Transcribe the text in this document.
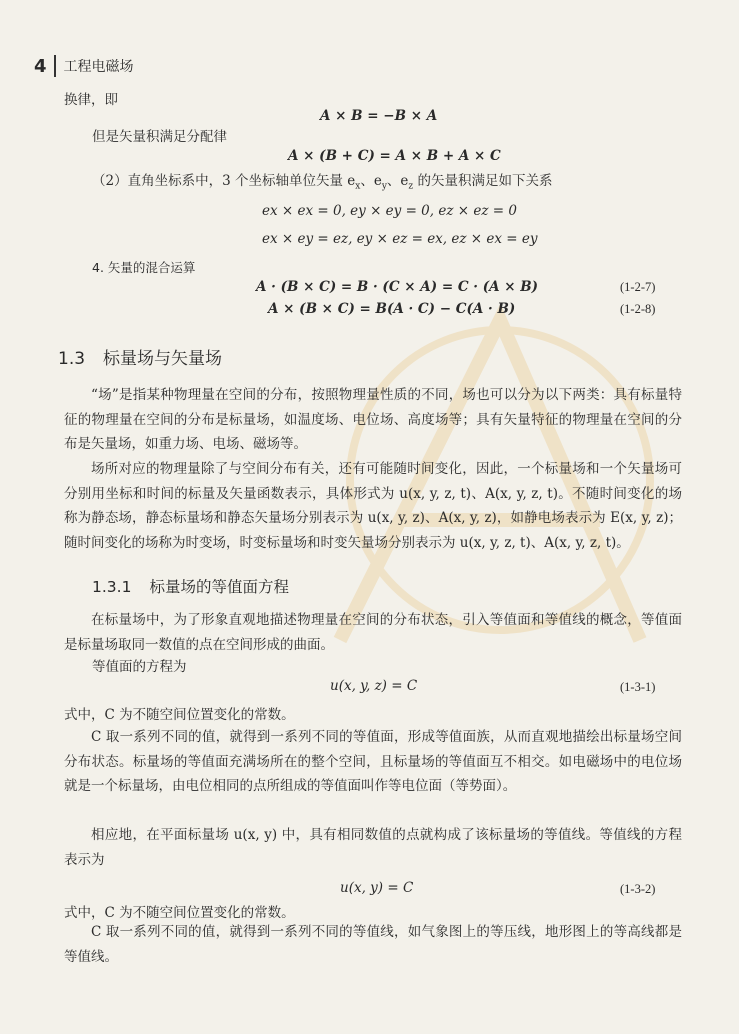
4 工程电磁场
换律，即
A × B = −B × A
但是矢量积满足分配律
A × (B + C) = A × B + A × C
（2）直角坐标系中，3 个坐标轴单位矢量 $e_x$、$e_y$、$e_z$ 的矢量积满足如下关系
ex × ex = 0, ey × ey = 0, ez × ez = 0
ex × ey = ez, ey × ez = ex, ez × ex = ey
4. 矢量的混合运算
A · (B × C) = B · (C × A) = C · (A × B)	(1-2-7)
A × (B × C) = B(A · C) − C(A · B)	(1-2-8)
1.3 标量场与矢量场
“场”是指某种物理量在空间的分布，按照物理量性质的不同，场也可以分为以下两类：具有标量特征的物理量在空间的分布是标量场，如温度场、电位场、高度场等；具有矢量特征的物理量在空间的分布是矢量场，如重力场、电场、磁场等。
场所对应的物理量除了与空间分布有关，还有可能随时间变化，因此，一个标量场和一个矢量场可分别用坐标和时间的标量及矢量函数表示，具体形式为 u(x, y, z, t)、A(x, y, z, t)。不随时间变化的场称为静态场，静态标量场和静态矢量场分别表示为 u(x, y, z)、A(x, y, z)，如静电场表示为 E(x, y, z)；随时间变化的场称为时变场，时变标量场和时变矢量场分别表示为 u(x, y, z, t)、A(x, y, z, t)。
1.3.1 标量场的等值面方程
在标量场中，为了形象直观地描述物理量在空间的分布状态，引入等值面和等值线的概念，等值面是标量场取同一数值的点在空间形成的曲面。
等值面的方程为
u(x, y, z) = C	(1-3-1)
式中，C 为不随空间位置变化的常数。
C 取一系列不同的值，就得到一系列不同的等值面，形成等值面族，从而直观地描绘出标量场空间分布状态。标量场的等值面充满场所在的整个空间，且标量场的等值面互不相交。如电磁场中的电位场就是一个标量场，由电位相同的点所组成的等值面叫作等电位面（等势面）。
相应地，在平面标量场 u(x, y) 中，具有相同数值的点就构成了该标量场的等值线。等值线的方程表示为
u(x, y) = C	(1-3-2)
式中，C 为不随空间位置变化的常数。
C 取一系列不同的值，就得到一系列不同的等值线，如气象图上的等压线，地形图上的等高线都是等值线。
